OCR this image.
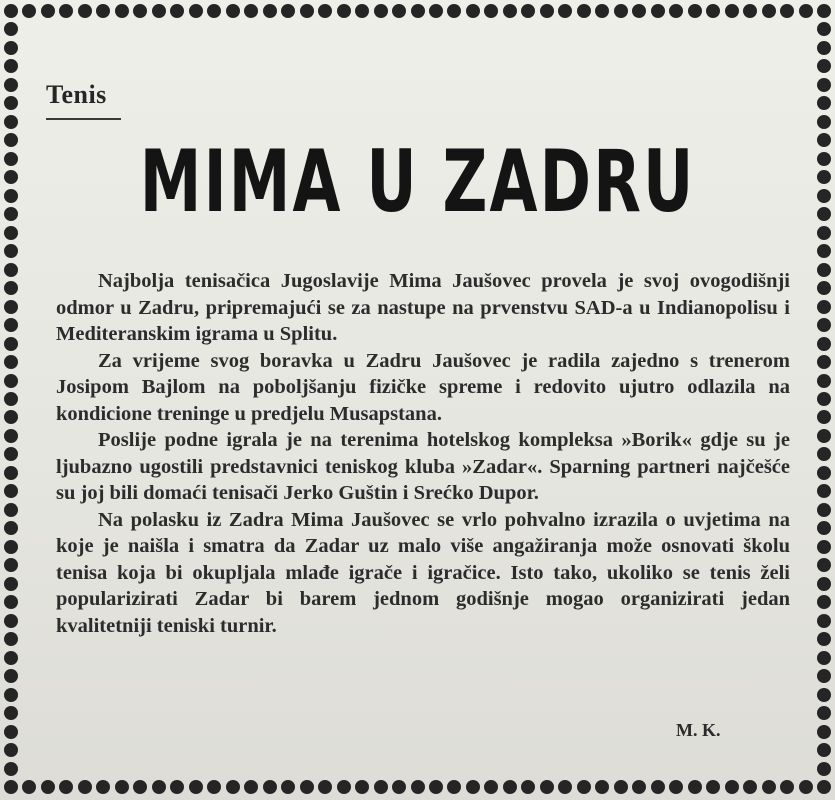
Tenis

MIMA U ZADRU

Najbolja tenisačica Jugoslavije Mima Jaušovec provela je svoj ovogodišnji odmor u Zadru, pripremajući se za nastupe na prvenstvu SAD-a u Indianopolisu i Mediteranskim igrama u Splitu.

Za vrijeme svog boravka u Zadru Jaušovec je radila zajedno s trenerom Josipom Bajlom na poboljšanju fizičke spreme i redovito ujutro odlazila na kondicione treninge u predjelu Musapstana.

Poslije podne igrala je na terenima hotelskog kompleksa »Borik« gdje su je ljubazno ugostili predstavnici teniskog kluba »Zadar«. Sparning partneri najčešće su joj bili domaći tenisači Jerko Guštin i Srećko Dupor.

Na polasku iz Zadra Mima Jaušovec se vrlo pohvalno izrazila o uvjetima na koje je naišla i smatra da Zadar uz malo više angažiranja može osnovati školu tenisa koja bi okupljala mlađe igrače i igračice. Isto tako, ukoliko se tenis želi popularizirati Zadar bi barem jednom godišnje mogao organizirati jedan kvalitetniji teniski turnir.

M. K.
